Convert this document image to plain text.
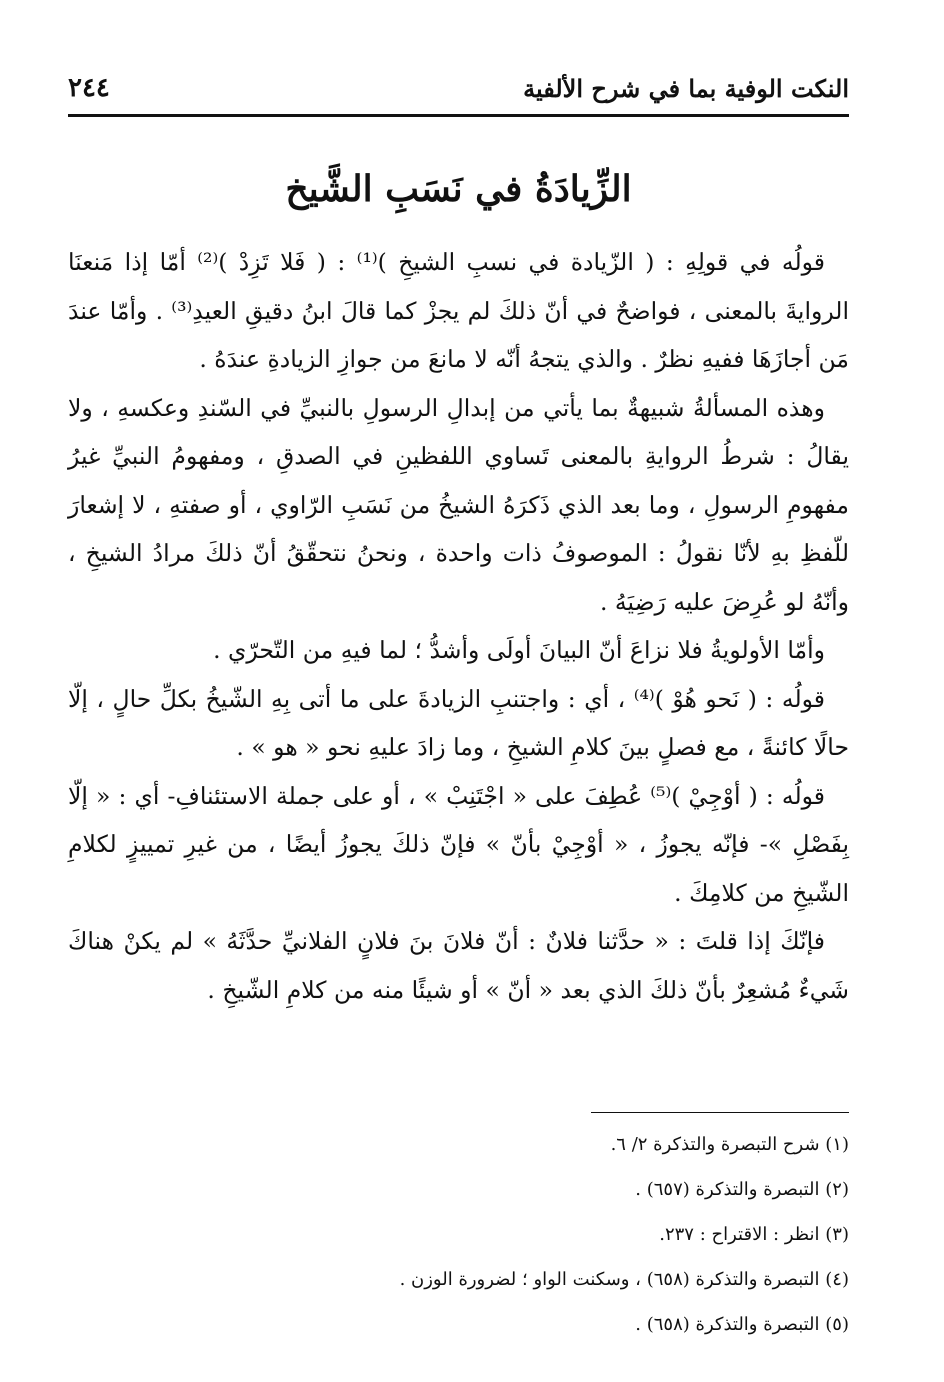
النكت الوفية بما في شرح الألفية
٢٤٤
الزِّيادَةُ في نَسَبِ الشَّيخ

قولُه في قولِهِ : ( الزّيادة في نسبِ الشيخِ )⁽¹⁾ : ( فَلا تَزِدْ )⁽²⁾ أمّا إذا مَنعنَا الروايةَ بالمعنى ، فواضحٌ في أنّ ذلكَ لم يجزْ كما قالَ ابنُ دقيقِ العيدِ⁽³⁾ . وأمّا عندَ مَن أجازَهَا ففيهِ نظرٌ . والذي يتجهُ أنّه لا مانعَ من جوازِ الزيادةِ عندَهُ .

وهذه المسألةُ شبيهةٌ بما يأتي من إبدالِ الرسولِ بالنبيِّ في السّندِ وعكسهِ ، ولا يقالُ : شرطُ الروايةِ بالمعنى تَساوي اللفظينِ في الصدقِ ، ومفهومُ النبيِّ غيرُ مفهومِ الرسولِ ، وما بعد الذي ذَكرَهُ الشيخُ من نَسَبِ الرّاوي ، أو صفتهِ ، لا إشعارَ للّفظِ بهِ لأنّا نقولُ : الموصوفُ ذات واحدة ، ونحنُ نتحقّقُ أنّ ذلكَ مرادُ الشيخِ ، وأنّهُ لو عُرِضَ عليه رَضِيَهُ .

وأمّا الأولويةُ فلا نزاعَ أنّ البيانَ أولَى وأشدُّ ؛ لما فيهِ من التّحرّي .

قولُه : ( نَحو هُوْ )⁽⁴⁾ ، أي : واجتنبِ الزيادةَ على ما أتى بِهِ الشّيخُ بكلِّ حالٍ ، إلّا حالًا كائنةً ، مع فصلٍ بينَ كلامِ الشيخِ ، وما زادَ عليهِ نحو « هو » .

قولُه : ( أوْجِيْ )⁽⁵⁾ عُطِفَ على « اجْتَنِبْ » ، أو على جملة الاستئنافِ- أي : « إلّا بِفَصْلِ »- فإنّه يجوزُ ، « أوْجِيْ بأنّ » فإنّ ذلكَ يجوزُ أيضًا ، من غيرِ تمييزٍ لكلامِ الشّيخِ من كلامِكَ .

فإنّكَ إذا قلتَ : « حدَّثنا فلانٌ : أنّ فلانَ بنَ فلانٍ الفلانيِّ حدَّثَهُ » لم يكنْ هناكَ شَيءٌ مُشعِرٌ بأنّ ذلكَ الذي بعد « أنّ » أو شيئًا منه من كلامِ الشّيخِ .

(١) شرح التبصرة والتذكرة ٢/ ٦.

(٢) التبصرة والتذكرة (٦٥٧) .

(٣) انظر : الاقتراح : ٢٣٧.

(٤) التبصرة والتذكرة (٦٥٨) ، وسكنت الواو ؛ لضرورة الوزن .

(٥) التبصرة والتذكرة (٦٥٨) .
